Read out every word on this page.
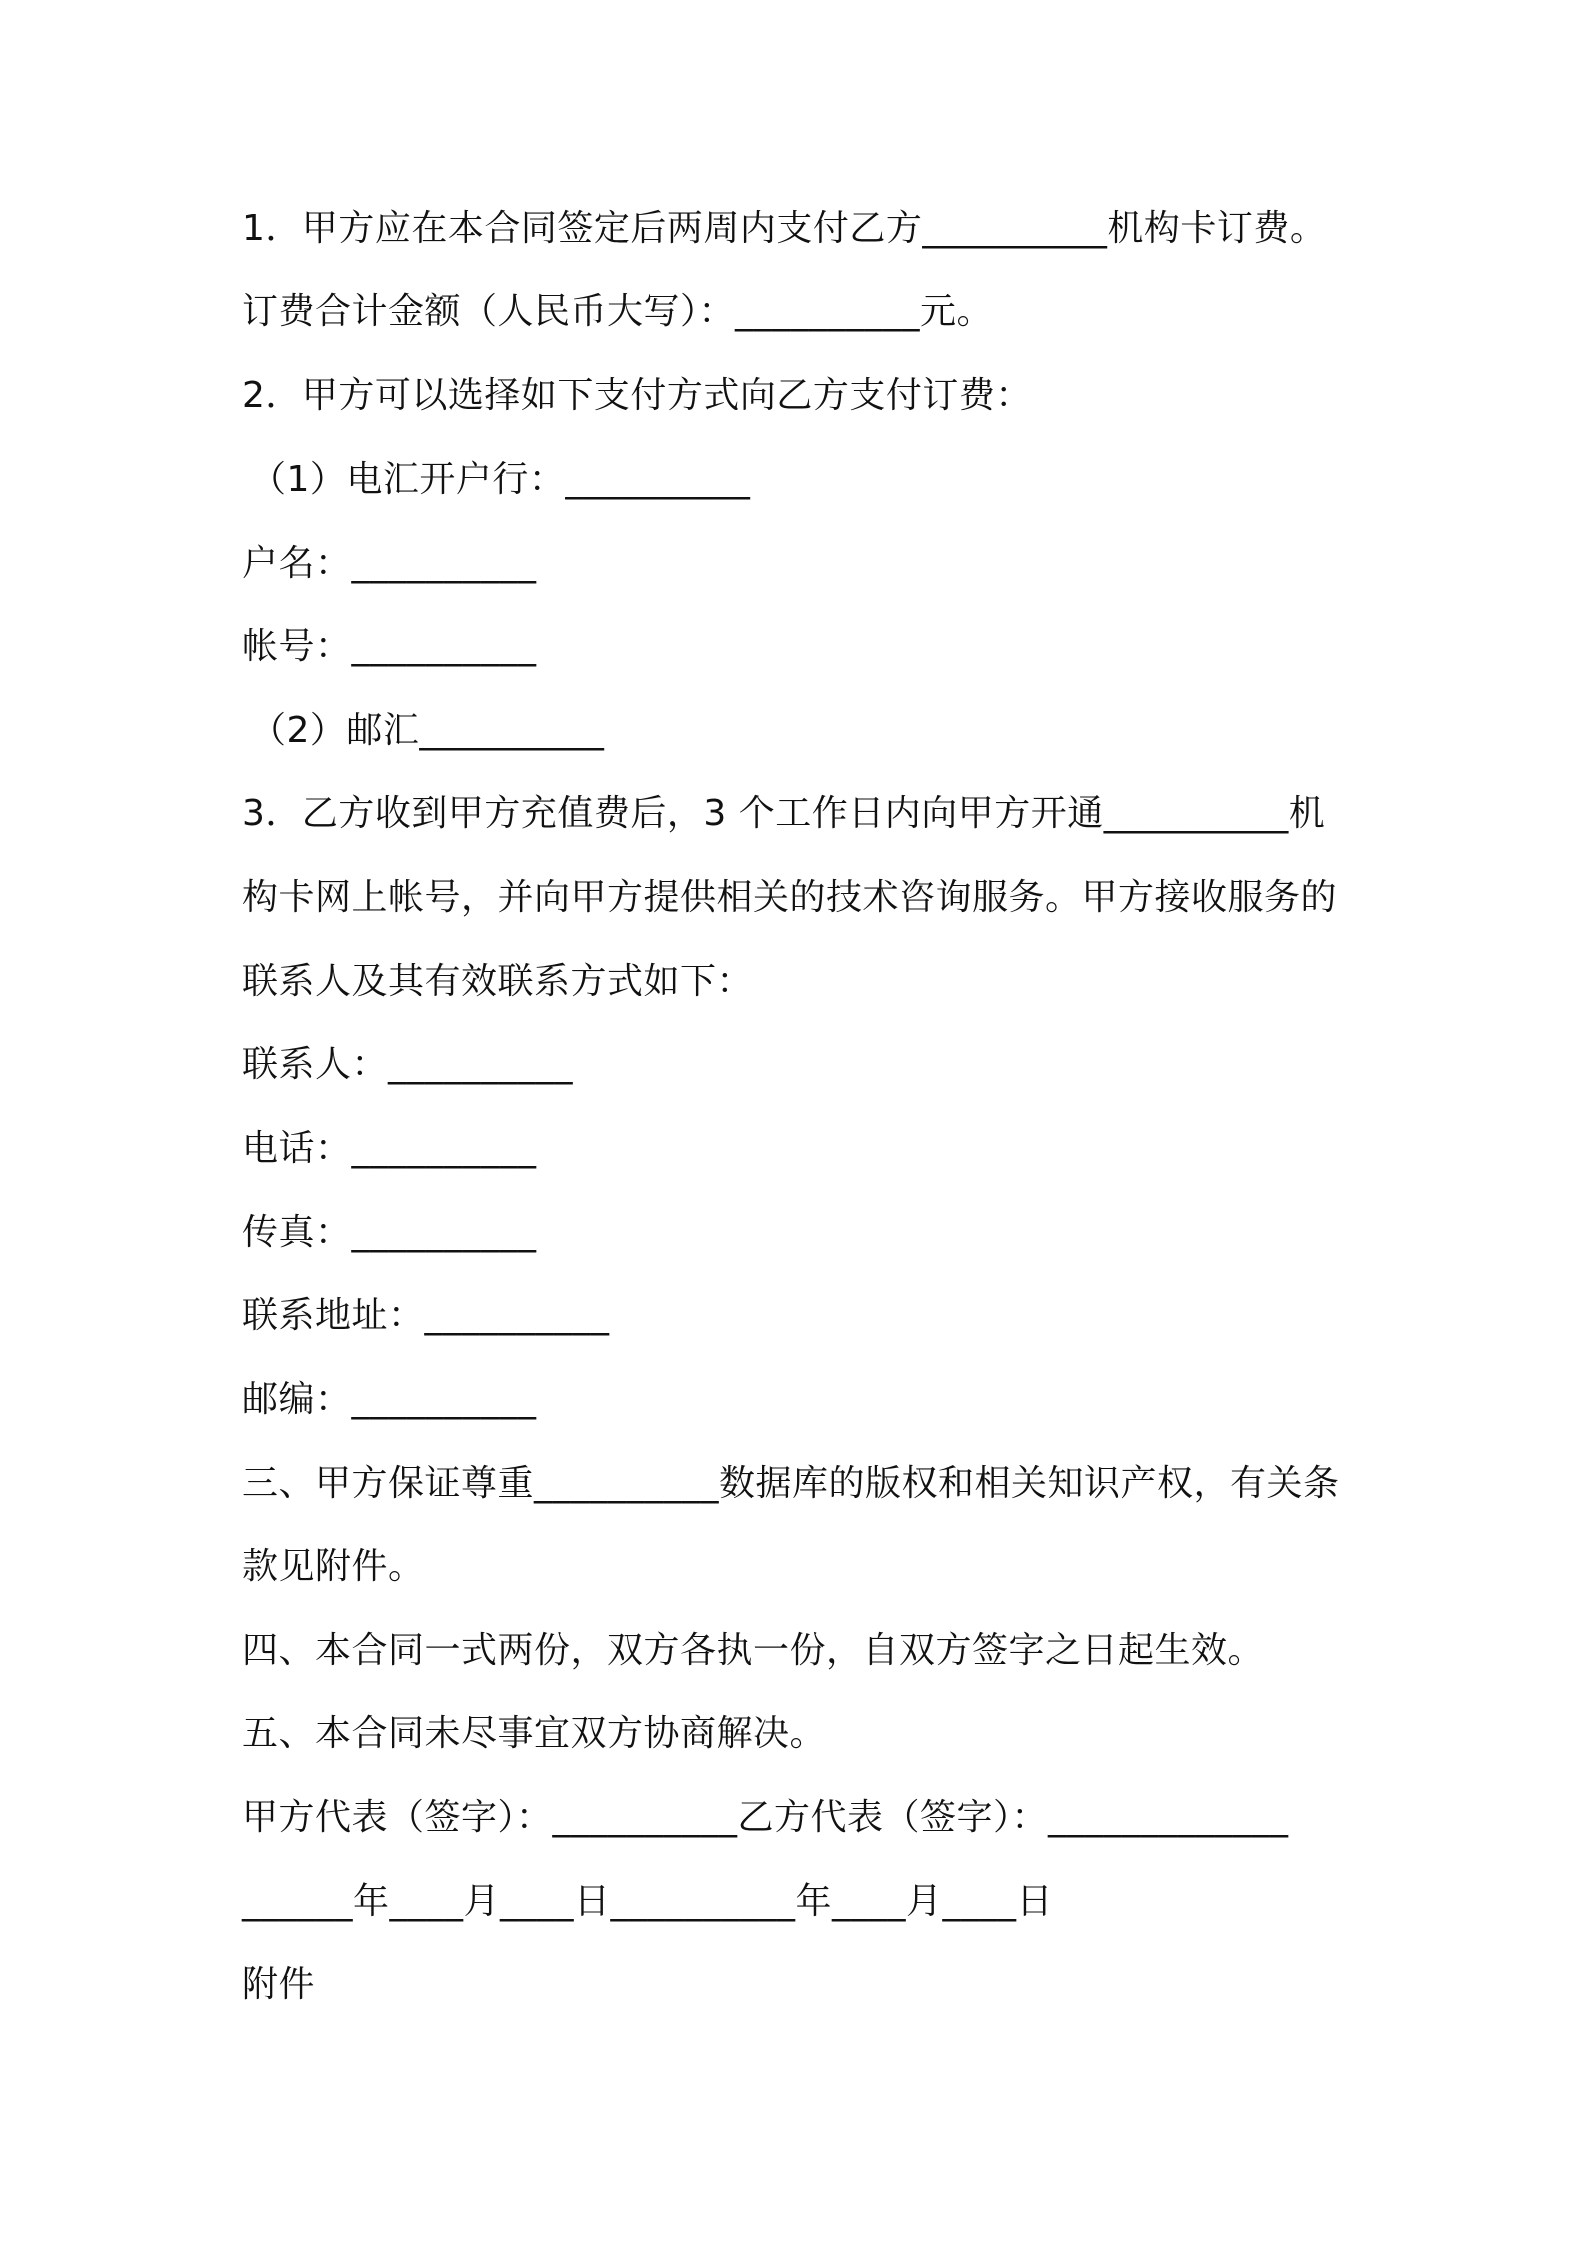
1．甲方应在本合同签定后两周内支付乙方__________机构卡订费。

订费合计金额（人民币大写）：__________元。

2．甲方可以选择如下支付方式向乙方支付订费：

（1）电汇开户行：__________

户名：__________

帐号：__________

（2）邮汇__________

3．乙方收到甲方充值费后，3 个工作日内向甲方开通__________机

构卡网上帐号，并向甲方提供相关的技术咨询服务。甲方接收服务的

联系人及其有效联系方式如下：

联系人：__________

电话：__________

传真：__________

联系地址：__________

邮编：__________

三、甲方保证尊重__________数据库的版权和相关知识产权，有关条

款见附件。

四、本合同一式两份，双方各执一份，自双方签字之日起生效。

五、本合同未尽事宜双方协商解决。

甲方代表（签字）：__________乙方代表（签字）：_____________

______年____月____日__________年____月____日

附件
